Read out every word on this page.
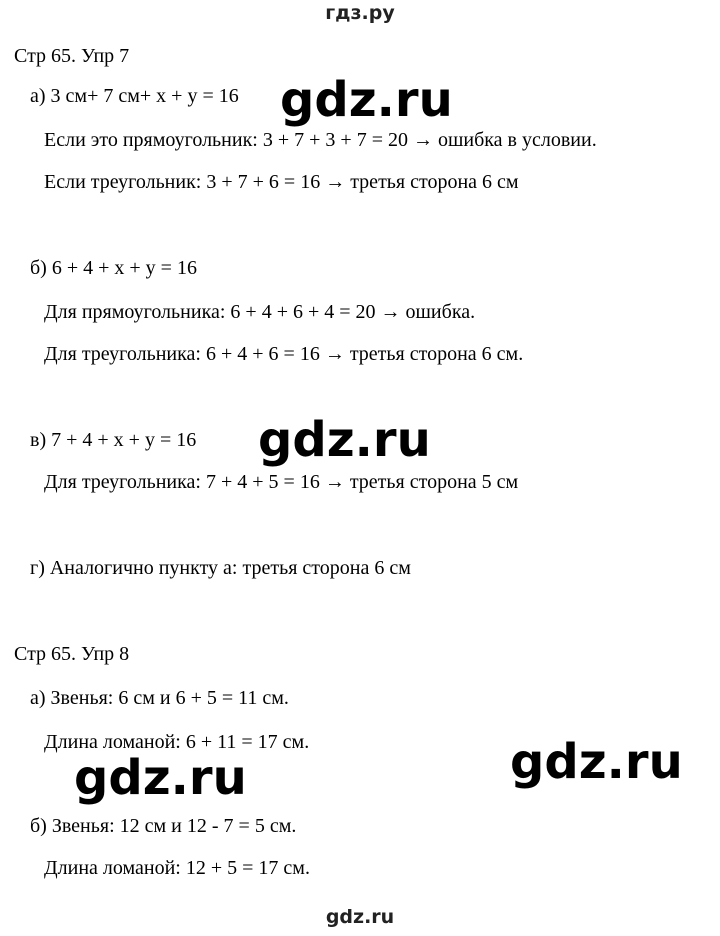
гдз.ру
Стр 65. Упр 7
а) 3 см+ 7 см+ x + y = 16
Если это прямоугольник: 3 + 7 + 3 + 7 = 20 → ошибка в условии.
Если треугольник: 3 + 7 + 6 = 16 → третья сторона 6 см
б) 6 + 4 + x + y = 16
Для прямоугольника: 6 + 4 + 6 + 4 = 20 → ошибка.
Для треугольника: 6 + 4 + 6 = 16 → третья сторона 6 см.
в) 7 + 4 + x + y = 16
Для треугольника: 7 + 4 + 5 = 16 → третья сторона 5 см
г) Аналогично пункту а: третья сторона 6 см
Стр 65. Упр 8
а) Звенья: 6 см и 6 + 5 = 11 см.
Длина ломаной: 6 + 11 = 17 см.
б) Звенья: 12 см и 12 - 7 = 5 см.
Длина ломаной: 12 + 5 = 17 см.
gdz.ru
gdz.ru
gdz.ru
gdz.ru
gdz.ru
